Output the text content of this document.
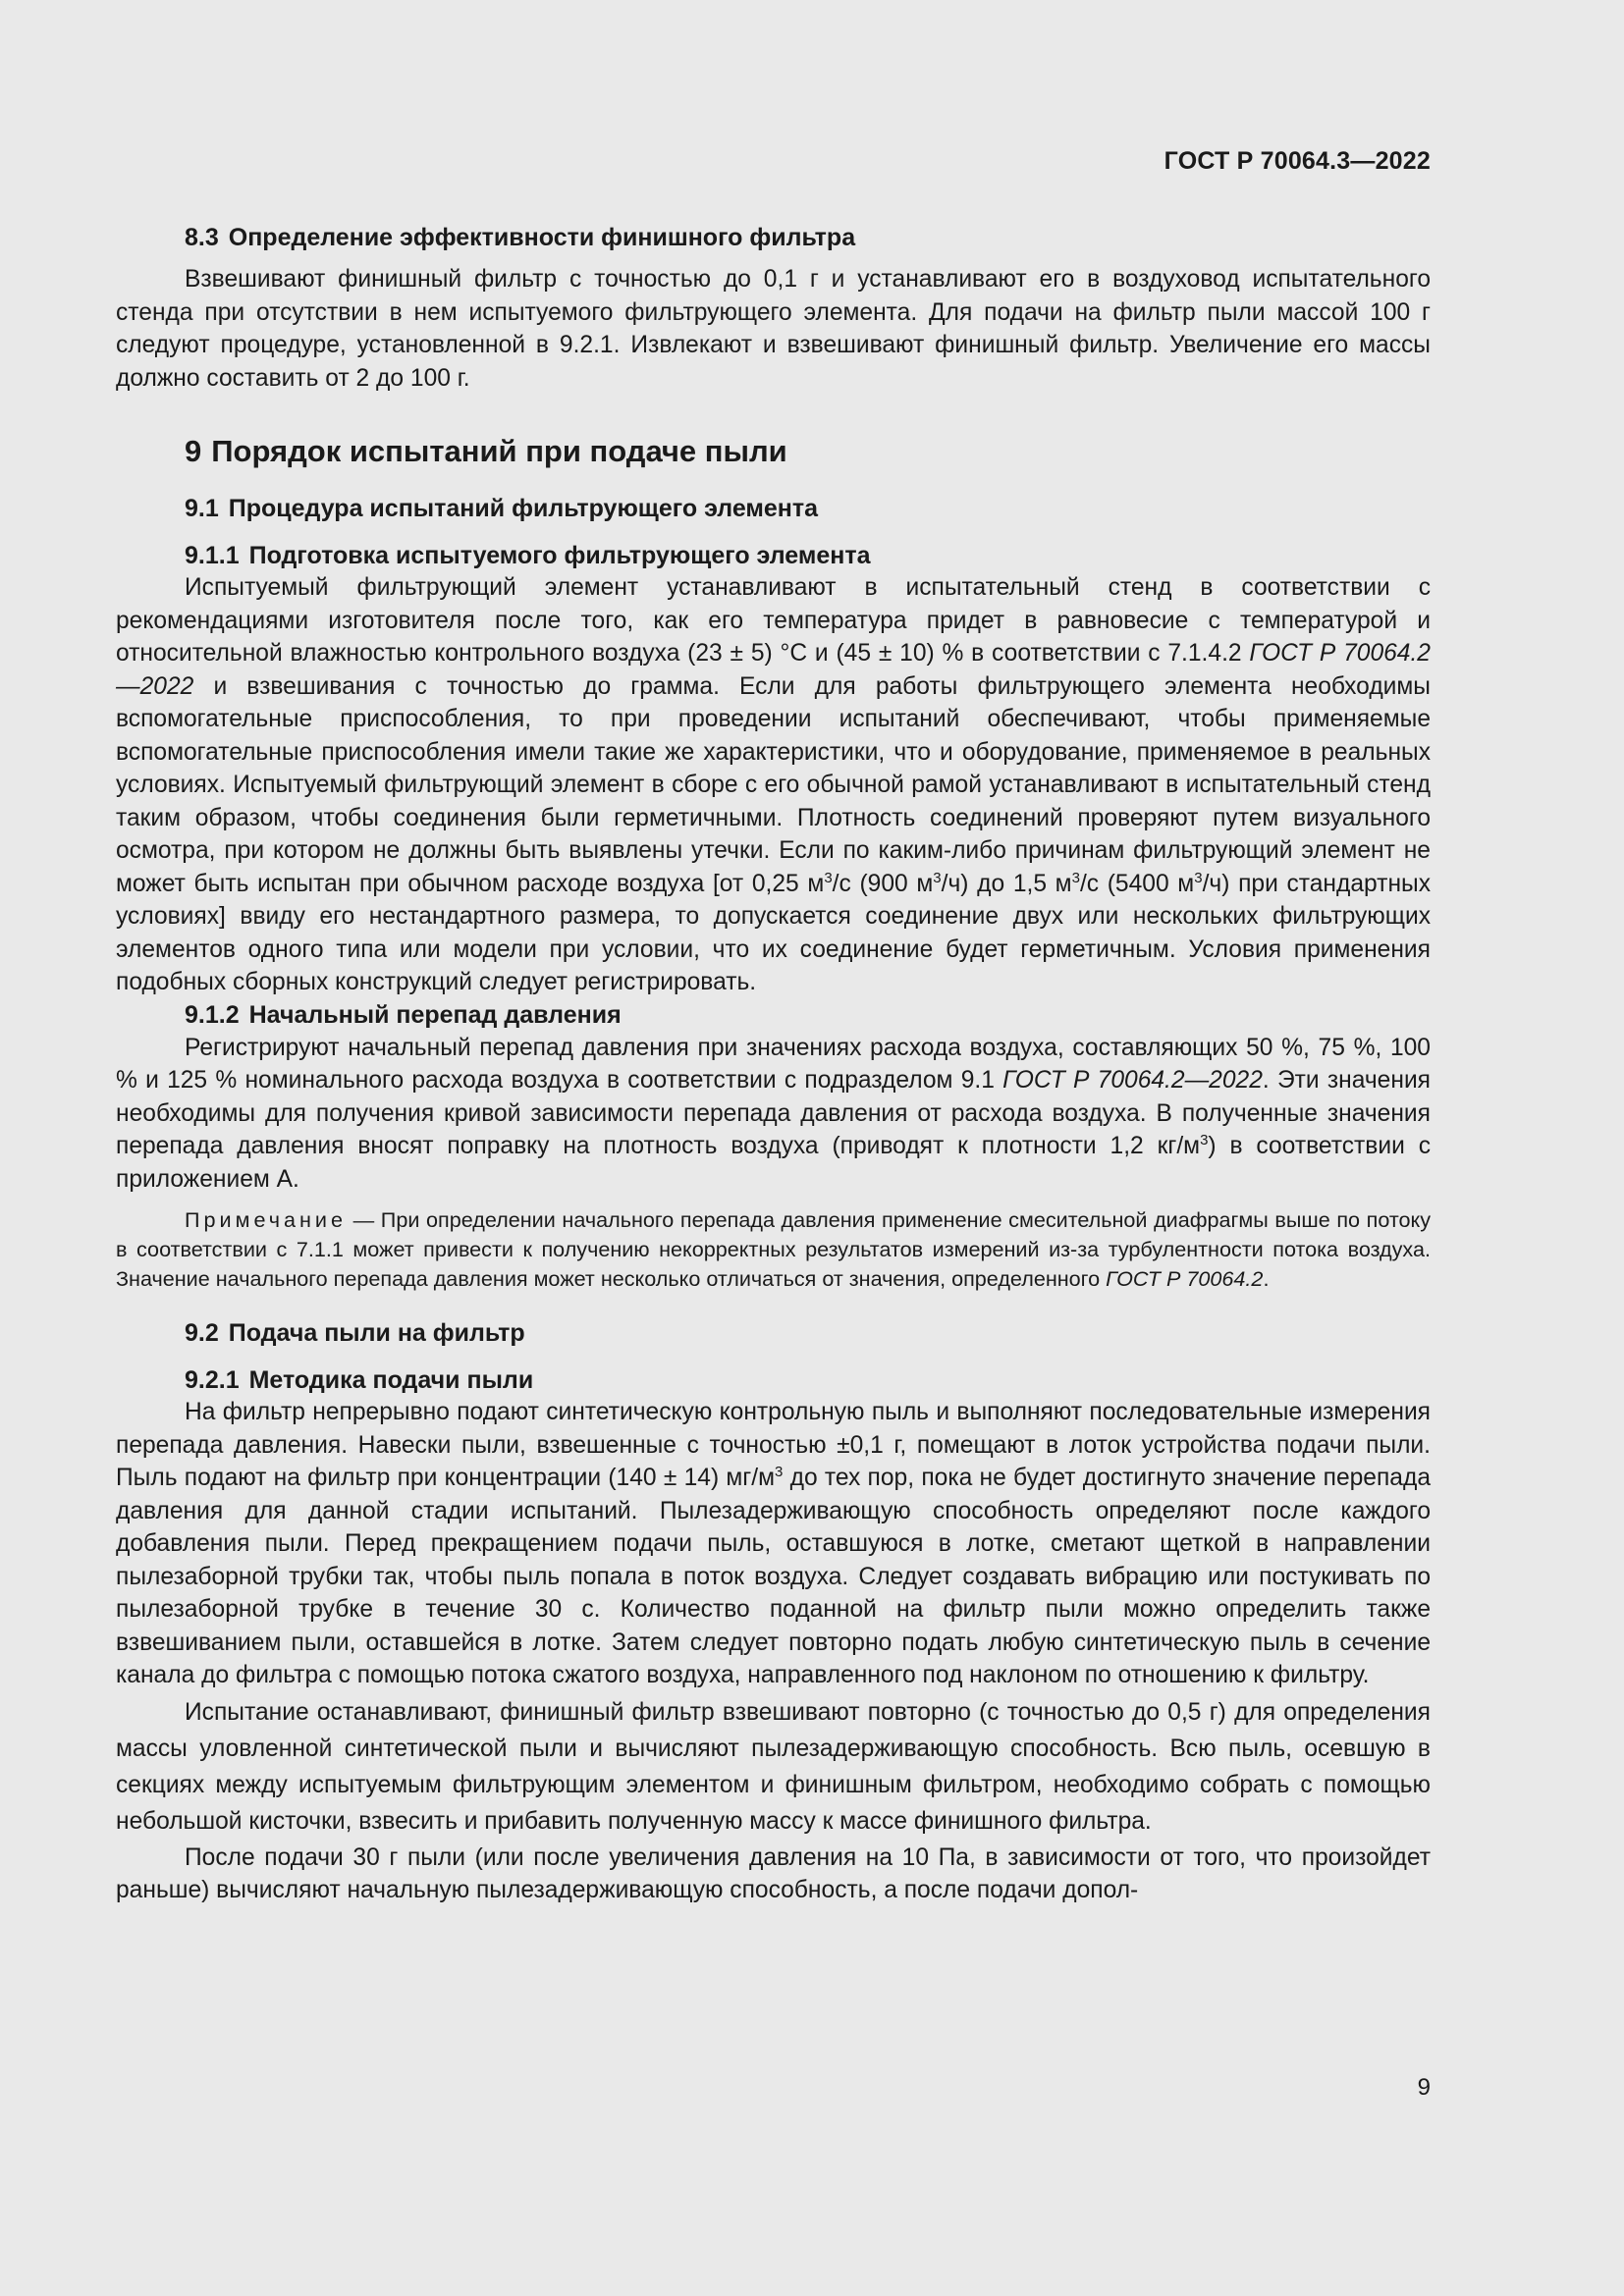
ГОСТ Р 70064.3—2022
8.3 Определение эффективности финишного фильтра

Взвешивают финишный фильтр с точностью до 0,1 г и устанавливают его в воздуховод испытательного стенда при отсутствии в нем испытуемого фильтрующего элемента. Для подачи на фильтр пыли массой 100 г следуют процедуре, установленной в 9.2.1. Извлекают и взвешивают финишный фильтр. Увеличение его массы должно составить от 2 до 100 г.

9 Порядок испытаний при подаче пыли
9.1 Процедура испытаний фильтрующего элемента
9.1.1 Подготовка испытуемого фильтрующего элемента

Испытуемый фильтрующий элемент устанавливают в испытательный стенд в соответствии с рекомендациями изготовителя после того, как его температура придет в равновесие с температурой и относительной влажностью контрольного воздуха (23 ± 5) °С и (45 ± 10) % в соответствии с 7.1.4.2 ГОСТ Р 70064.2—2022 и взвешивания с точностью до грамма. Если для работы фильтрующего элемента необходимы вспомогательные приспособления, то при проведении испытаний обеспечивают, чтобы применяемые вспомогательные приспособления имели такие же характеристики, что и оборудование, применяемое в реальных условиях. Испытуемый фильтрующий элемент в сборе с его обычной рамой устанавливают в испытательный стенд таким образом, чтобы соединения были герметичными. Плотность соединений проверяют путем визуального осмотра, при котором не должны быть выявлены утечки. Если по каким-либо причинам фильтрующий элемент не может быть испытан при обычном расходе воздуха [от 0,25 $м^3/с$ (900 $м^3/ч$) до 1,5 $м^3/с$ (5400 $м^3/ч$) при стандартных условиях] ввиду его нестандартного размера, то допускается соединение двух или нескольких фильтрующих элементов одного типа или модели при условии, что их соединение будет герметичным. Условия применения подобных сборных конструкций следует регистрировать.

9.1.2 Начальный перепад давления

Регистрируют начальный перепад давления при значениях расхода воздуха, составляющих 50 %, 75 %, 100 % и 125 % номинального расхода воздуха в соответствии с подразделом 9.1 ГОСТ Р 70064.2—2022. Эти значения необходимы для получения кривой зависимости перепада давления от расхода воздуха. В полученные значения перепада давления вносят поправку на плотность воздуха (приводят к плотности 1,2 $кг/м^3$) в соответствии с приложением А.

Примечание — При определении начального перепада давления применение смесительной диафрагмы выше по потоку в соответствии с 7.1.1 может привести к получению некорректных результатов измерений из-за турбулентности потока воздуха. Значение начального перепада давления может несколько отличаться от значения, определенного ГОСТ Р 70064.2.

9.2 Подача пыли на фильтр
9.2.1 Методика подачи пыли

На фильтр непрерывно подают синтетическую контрольную пыль и выполняют последовательные измерения перепада давления. Навески пыли, взвешенные с точностью ±0,1 г, помещают в лоток устройства подачи пыли. Пыль подают на фильтр при концентрации (140 ± 14) $мг/м^3$ до тех пор, пока не будет достигнуто значение перепада давления для данной стадии испытаний. Пылезадерживающую способность определяют после каждого добавления пыли. Перед прекращением подачи пыль, оставшуюся в лотке, сметают щеткой в направлении пылезаборной трубки так, чтобы пыль попала в поток воздуха. Следует создавать вибрацию или постукивать по пылезаборной трубке в течение 30 с. Количество поданной на фильтр пыли можно определить также взвешиванием пыли, оставшейся в лотке. Затем следует повторно подать любую синтетическую пыль в сечение канала до фильтра с помощью потока сжатого воздуха, направленного под наклоном по отношению к фильтру.

Испытание останавливают, финишный фильтр взвешивают повторно (с точностью до 0,5 г) для определения массы уловленной синтетической пыли и вычисляют пылезадерживающую способность. Всю пыль, осевшую в секциях между испытуемым фильтрующим элементом и финишным фильтром, необходимо собрать с помощью небольшой кисточки, взвесить и прибавить полученную массу к массе финишного фильтра.

После подачи 30 г пыли (или после увеличения давления на 10 Па, в зависимости от того, что произойдет раньше) вычисляют начальную пылезадерживающую способность, а после подачи допол-

9
